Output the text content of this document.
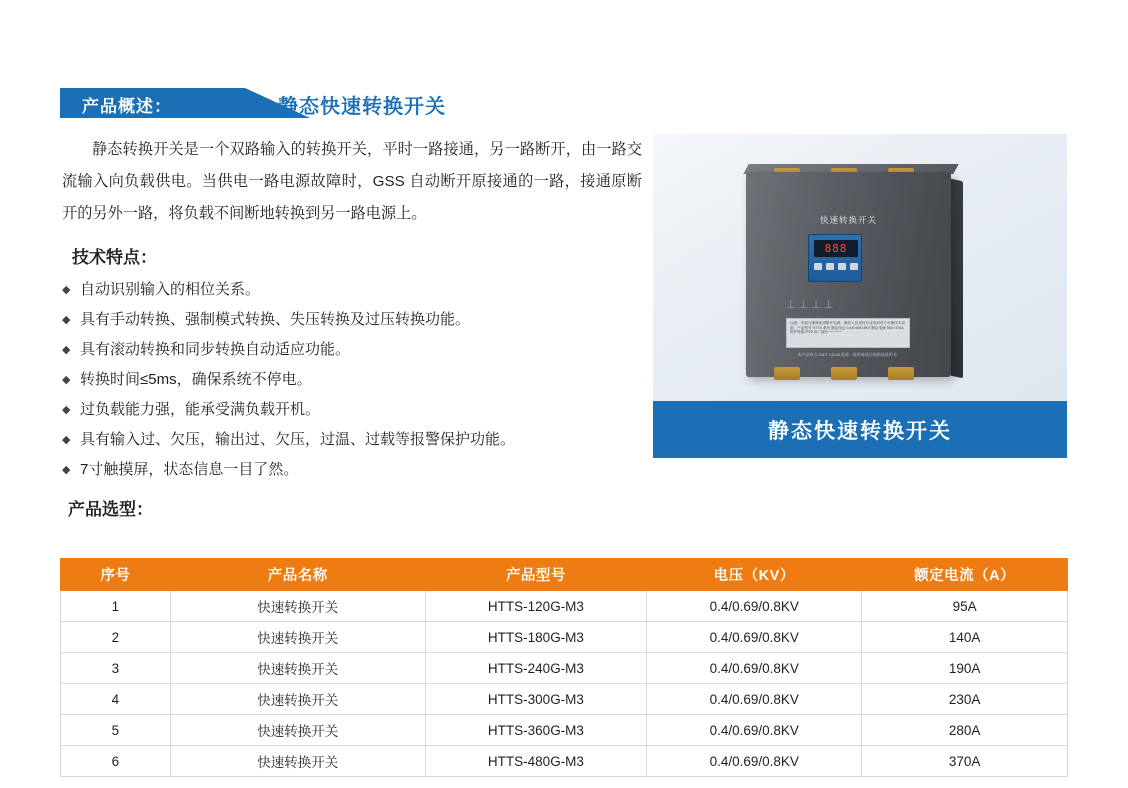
产品概述：	静态快速转换开关
静态转换开关是一个双路输入的转换开关，平时一路接通，另一路断开，由一路交流输入向负载供电。当供电一路电源故障时，GSS 自动断开原接通的一路，接通原断开的另外一路，将负载不间断地转换到另一路电源上。
技术特点：
◆ 自动识别输入的相位关系。
◆ 具有手动转换、强制模式转换、失压转换及过压转换功能。
◆ 具有滚动转换和同步转换自动适应功能。
◆ 转换时间≤5ms，确保系统不停电。
◆ 过负载能力强，能承受满负载开机。
◆ 具有输入过、欠压，输出过、欠压，过温、过载等报警保护功能。
◆ 7寸触摸屏，状态信息一目了然。
快速转换开关
888
⊥ ⊥ ⊥ ⊥
注意：安装与维修前请断开电源，操作人员须经专业培训后方可操作本设备。产品型号 HTTS 系列 额定电压 0.4/0.69/0.8KV 额定电流 95A~370A 防护等级 IP20 出厂编号 ─────
本产品符合 GB/T 14048 标准 · 使用前请仔细阅读说明书
静态快速转换开关
产品选型：
序号	产品名称	产品型号	电压（KV）	额定电流（A）
1	快速转换开关	HTTS-120G-M3	0.4/0.69/0.8KV	95A
2	快速转换开关	HTTS-180G-M3	0.4/0.69/0.8KV	140A
3	快速转换开关	HTTS-240G-M3	0.4/0.69/0.8KV	190A
4	快速转换开关	HTTS-300G-M3	0.4/0.69/0.8KV	230A
5	快速转换开关	HTTS-360G-M3	0.4/0.69/0.8KV	280A
6	快速转换开关	HTTS-480G-M3	0.4/0.69/0.8KV	370A
